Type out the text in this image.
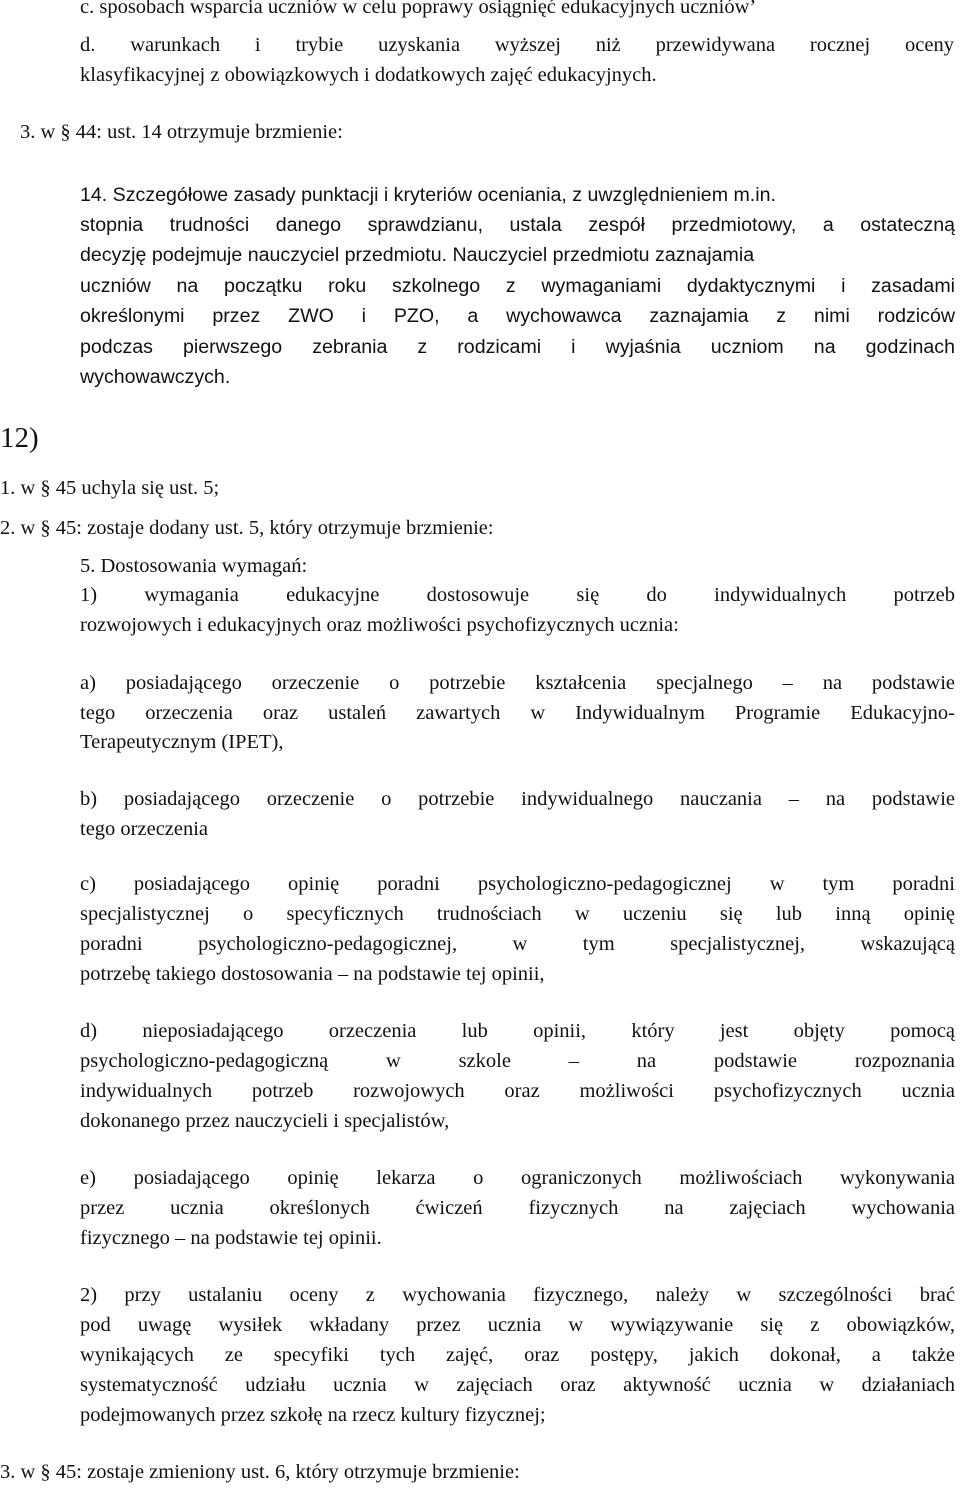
c. sposobach wsparcia uczniów w celu poprawy osiągnięć edukacyjnych uczniów’
d. warunkach i trybie uzyskania wyższej niż przewidywana rocznej oceny
klasyfikacyjnej z obowiązkowych i dodatkowych zajęć edukacyjnych.
3. w § 44: ust. 14 otrzymuje brzmienie:
14. Szczegółowe zasady punktacji i kryteriów oceniania, z uwzględnieniem m.in.
stopnia trudności danego sprawdzianu, ustala zespół przedmiotowy, a ostateczną
decyzję podejmuje nauczyciel przedmiotu. Nauczyciel przedmiotu zaznajamia
uczniów na początku roku szkolnego z wymaganiami dydaktycznymi i zasadami
określonymi przez ZWO i PZO, a wychowawca zaznajamia z nimi rodziców
podczas pierwszego zebrania z rodzicami i wyjaśnia uczniom na godzinach
wychowawczych.
12)
1. w § 45 uchyla się ust. 5;
2. w § 45: zostaje dodany ust. 5, który otrzymuje brzmienie:
5. Dostosowania wymagań:
1) wymagania edukacyjne dostosowuje się do indywidualnych potrzeb
rozwojowych i edukacyjnych oraz możliwości psychofizycznych ucznia:
a) posiadającego orzeczenie o potrzebie kształcenia specjalnego – na podstawie
tego orzeczenia oraz ustaleń zawartych w Indywidualnym Programie Edukacyjno-
Terapeutycznym (IPET),
b) posiadającego orzeczenie o potrzebie indywidualnego nauczania – na podstawie
tego orzeczenia
c) posiadającego opinię poradni psychologiczno-pedagogicznej w tym poradni
specjalistycznej o specyficznych trudnościach w uczeniu się lub inną opinię
poradni psychologiczno-pedagogicznej, w tym specjalistycznej, wskazującą
potrzebę takiego dostosowania – na podstawie tej opinii,
d) nieposiadającego orzeczenia lub opinii, który jest objęty pomocą
psychologiczno-pedagogiczną w szkole – na podstawie rozpoznania
indywidualnych potrzeb rozwojowych oraz możliwości psychofizycznych ucznia
dokonanego przez nauczycieli i specjalistów,
e) posiadającego opinię lekarza o ograniczonych możliwościach wykonywania
przez ucznia określonych ćwiczeń fizycznych na zajęciach wychowania
fizycznego – na podstawie tej opinii.
2) przy ustalaniu oceny z wychowania fizycznego, należy w szczególności brać
pod uwagę wysiłek wkładany przez ucznia w wywiązywanie się z obowiązków,
wynikających ze specyfiki tych zajęć, oraz postępy, jakich dokonał, a także
systematyczność udziału ucznia w zajęciach oraz aktywność ucznia w działaniach
podejmowanych przez szkołę na rzecz kultury fizycznej;
3. w § 45: zostaje zmieniony ust. 6, który otrzymuje brzmienie:
